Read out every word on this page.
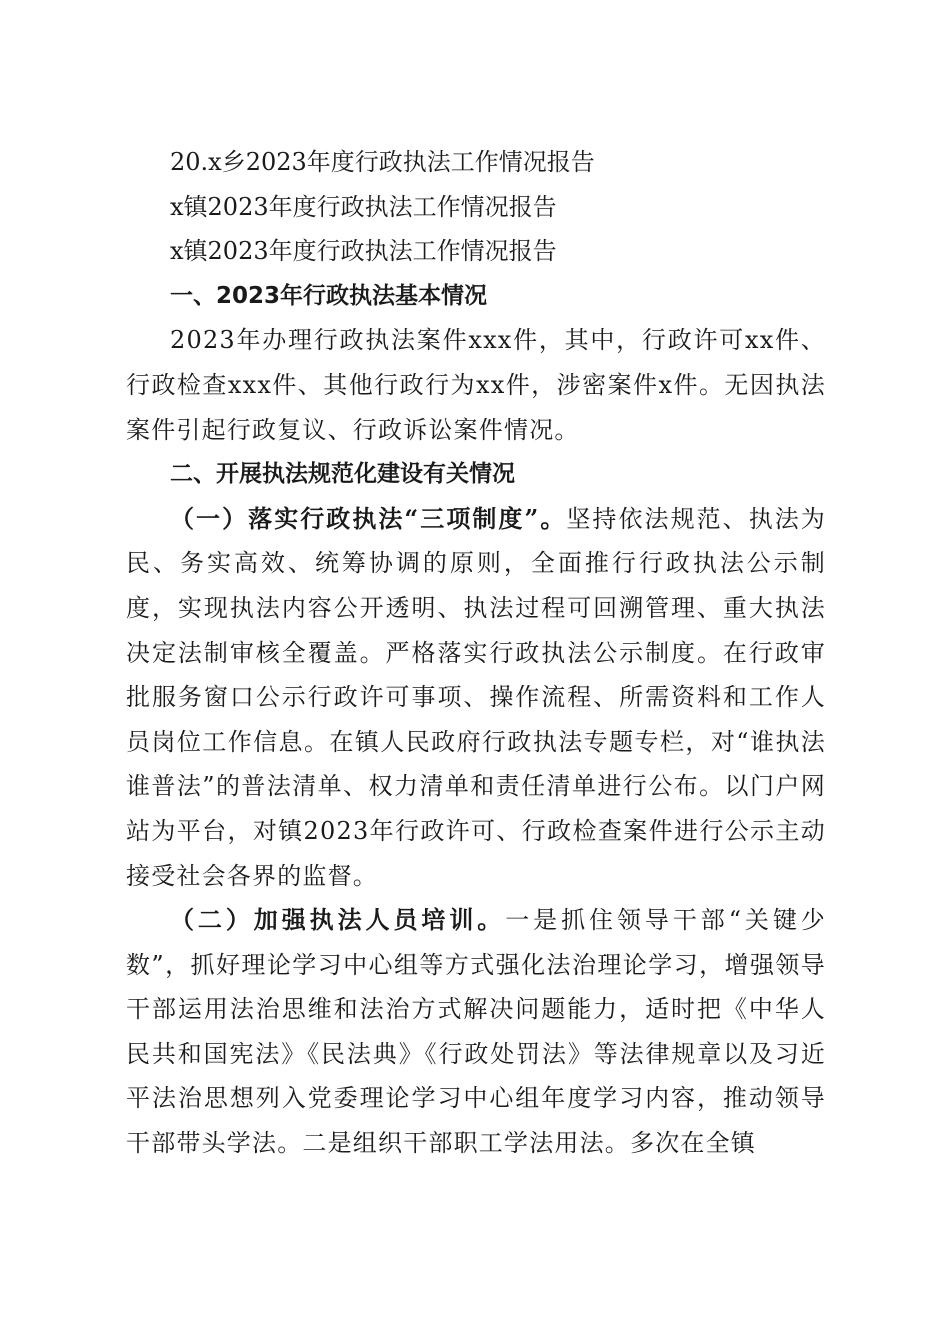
20.x乡2023年度行政执法工作情况报告
x镇2023年度行政执法工作情况报告
x镇2023年度行政执法工作情况报告
一、2023年行政执法基本情况

2023年办理行政执法案件xxx件，其中，行政许可xx件、行政检查xxx件、其他行政行为xx件，涉密案件x件。无因执法案件引起行政复议、行政诉讼案件情况。

二、开展执法规范化建设有关情况

（一）落实行政执法“三项制度”。坚持依法规范、执法为民、务实高效、统筹协调的原则，全面推行行政执法公示制度，实现执法内容公开透明、执法过程可回溯管理、重大执法决定法制审核全覆盖。严格落实行政执法公示制度。在行政审批服务窗口公示行政许可事项、操作流程、所需资料和工作人员岗位工作信息。在镇人民政府行政执法专题专栏，对“谁执法谁普法”的普法清单、权力清单和责任清单进行公布。以门户网站为平台，对镇2023年行政许可、行政检查案件进行公示主动接受社会各界的监督。

（二）加强执法人员培训。一是抓住领导干部“关键少数”，抓好理论学习中心组等方式强化法治理论学习，增强领导干部运用法治思维和法治方式解决问题能力，适时把《中华人民共和国宪法》《民法典》《行政处罚法》等法律规章以及习近平法治思想列入党委理论学习中心组年度学习内容，推动领导干部带头学法。二是组织干部职工学法用法。多次在全镇
